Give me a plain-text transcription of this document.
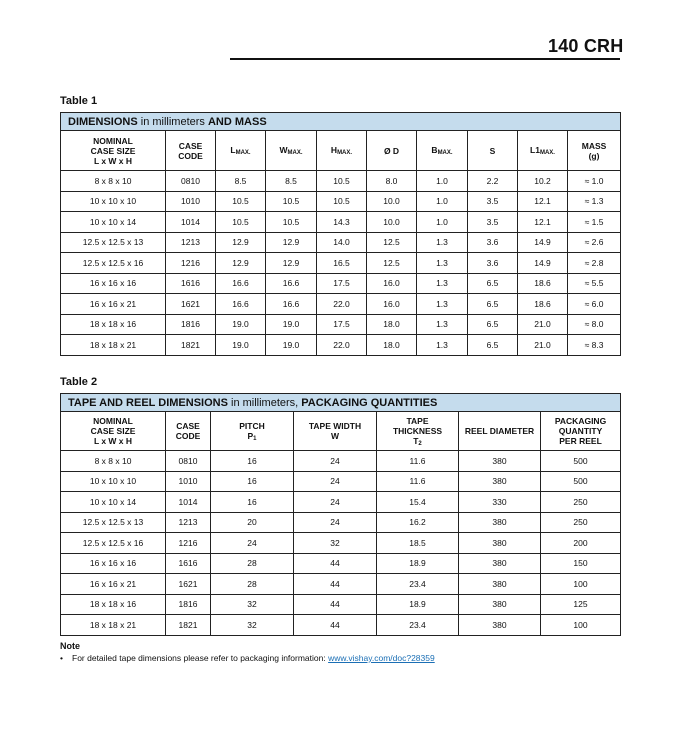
140 CRH
Table 1
DIMENSIONS in millimeters AND MASS									
NOMINAL
CASE SIZE
L x W x H	CASE
CODE	$L_{MAX.}$	$W_{MAX.}$	$H_{MAX.}$	Ø D	$B_{MAX.}$	S	$L1_{MAX.}$	MASS
(g)
8 x 8 x 10	0810	8.5	8.5	10.5	8.0	1.0	2.2	10.2	≈ 1.0
10 x 10 x 10	1010	10.5	10.5	10.5	10.0	1.0	3.5	12.1	≈ 1.3
10 x 10 x 14	1014	10.5	10.5	14.3	10.0	1.0	3.5	12.1	≈ 1.5
12.5 x 12.5 x 13	1213	12.9	12.9	14.0	12.5	1.3	3.6	14.9	≈ 2.6
12.5 x 12.5 x 16	1216	12.9	12.9	16.5	12.5	1.3	3.6	14.9	≈ 2.8
16 x 16 x 16	1616	16.6	16.6	17.5	16.0	1.3	6.5	18.6	≈ 5.5
16 x 16 x 21	1621	16.6	16.6	22.0	16.0	1.3	6.5	18.6	≈ 6.0
18 x 18 x 16	1816	19.0	19.0	17.5	18.0	1.3	6.5	21.0	≈ 8.0
18 x 18 x 21	1821	19.0	19.0	22.0	18.0	1.3	6.5	21.0	≈ 8.3
Table 2
TAPE AND REEL DIMENSIONS in millimeters, PACKAGING QUANTITIES						
NOMINAL
CASE SIZE
L x W x H	CASE
CODE	PITCH
$P_1$	TAPE WIDTH
W	TAPE
THICKNESS
$T_2$	REEL DIAMETER	PACKAGING
QUANTITY
PER REEL
8 x 8 x 10	0810	16	24	11.6	380	500
10 x 10 x 10	1010	16	24	11.6	380	500
10 x 10 x 14	1014	16	24	15.4	330	250
12.5 x 12.5 x 13	1213	20	24	16.2	380	250
12.5 x 12.5 x 16	1216	24	32	18.5	380	200
16 x 16 x 16	1616	28	44	18.9	380	150
16 x 16 x 21	1621	28	44	23.4	380	100
18 x 18 x 16	1816	32	44	18.9	380	125
18 x 18 x 21	1821	32	44	23.4	380	100
Note
• For detailed tape dimensions please refer to packaging information: www.vishay.com/doc?28359
